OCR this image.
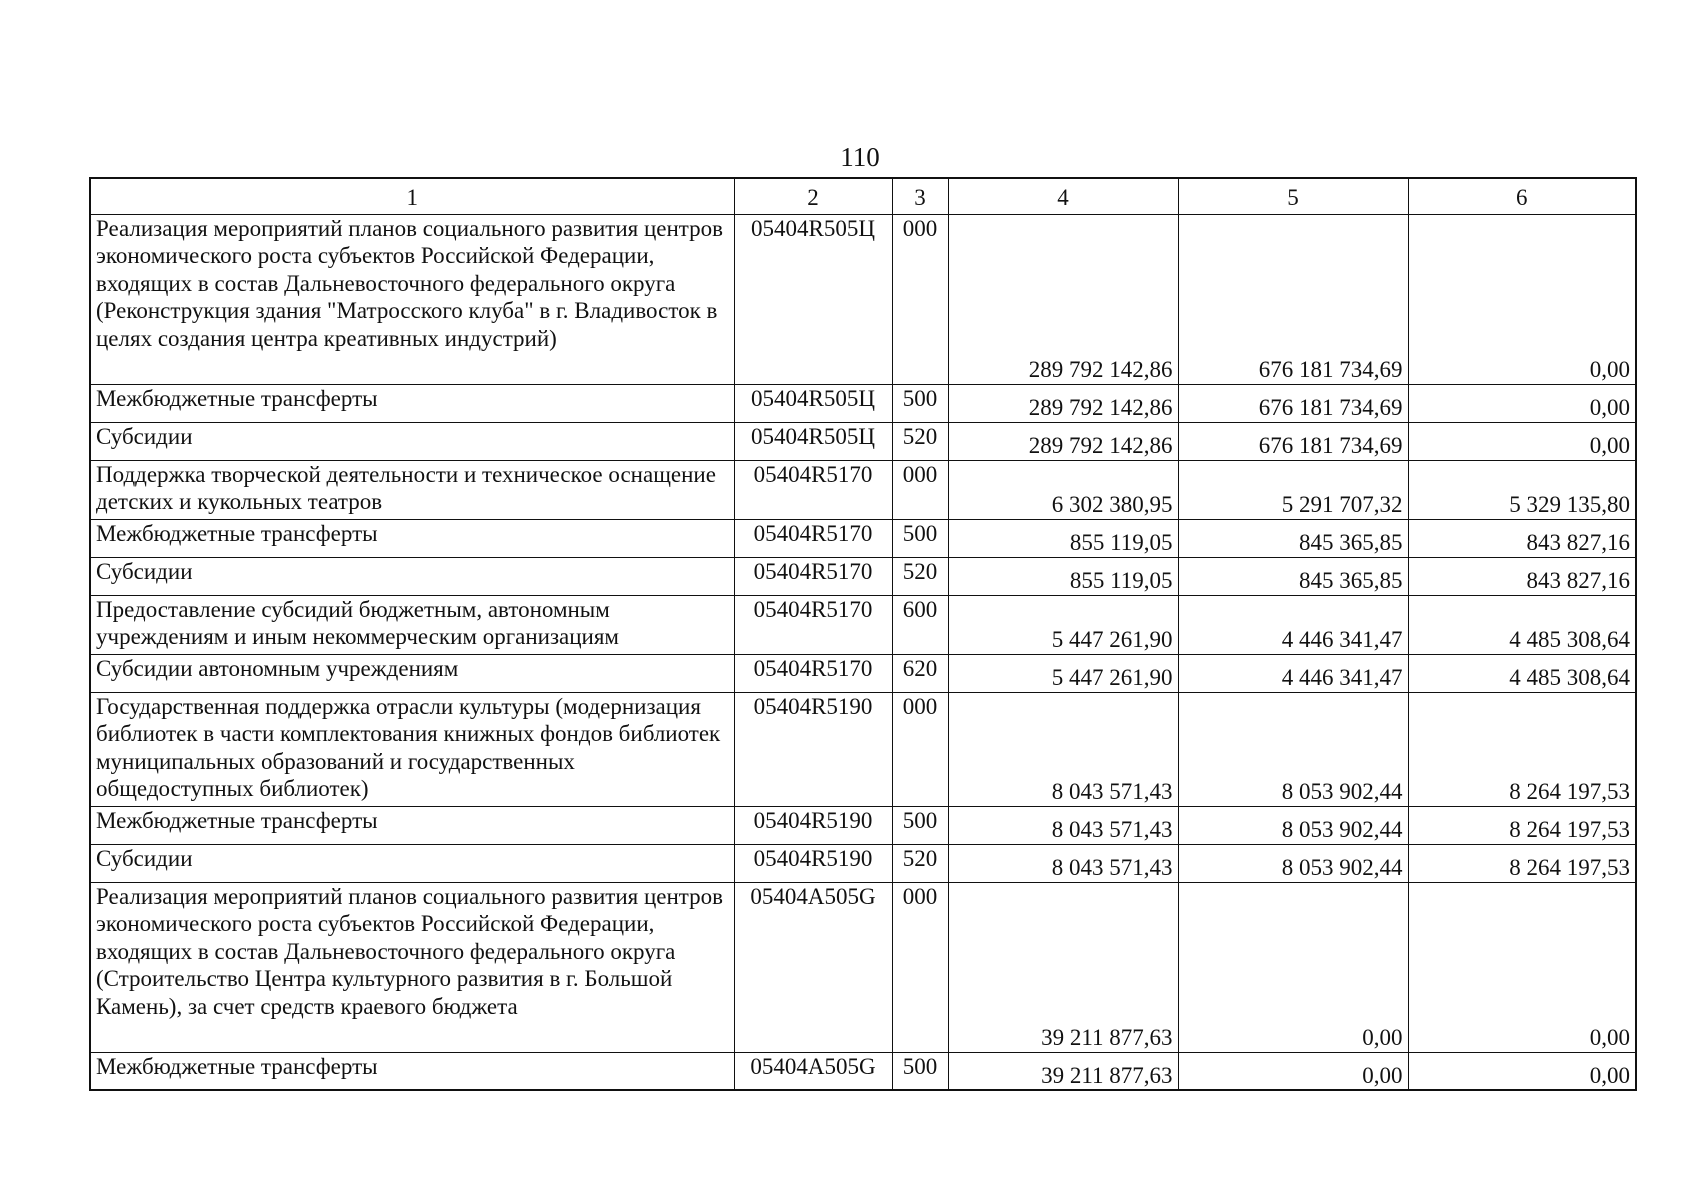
110
1	2	3	4	5	6
Реализация мероприятий планов социального развития центров экономического роста субъектов Российской Федерации, входящих в состав Дальневосточного федерального округа (Реконструкция здания "Матросского клуба" в г. Владивосток в целях создания центра креативных индустрий)	05404R505Ц	000	289 792 142,86	676 181 734,69	0,00
Межбюджетные трансферты	05404R505Ц	500	289 792 142,86	676 181 734,69	0,00
Субсидии	05404R505Ц	520	289 792 142,86	676 181 734,69	0,00
Поддержка творческой деятельности и техническое оснащение детских и кукольных театров	05404R5170	000	6 302 380,95	5 291 707,32	5 329 135,80
Межбюджетные трансферты	05404R5170	500	855 119,05	845 365,85	843 827,16
Субсидии	05404R5170	520	855 119,05	845 365,85	843 827,16
Предоставление субсидий бюджетным, автономным учреждениям и иным некоммерческим организациям	05404R5170	600	5 447 261,90	4 446 341,47	4 485 308,64
Субсидии автономным учреждениям	05404R5170	620	5 447 261,90	4 446 341,47	4 485 308,64
Государственная поддержка отрасли культуры (модернизация библиотек в части комплектования книжных фондов библиотек муниципальных образований и государственных общедоступных библиотек)	05404R5190	000	8 043 571,43	8 053 902,44	8 264 197,53
Межбюджетные трансферты	05404R5190	500	8 043 571,43	8 053 902,44	8 264 197,53
Субсидии	05404R5190	520	8 043 571,43	8 053 902,44	8 264 197,53
Реализация мероприятий планов социального развития центров экономического роста субъектов Российской Федерации, входящих в состав Дальневосточного федерального округа (Строительство Центра культурного развития в г. Большой Камень), за счет средств краевого бюджета	05404A505G	000	39 211 877,63	0,00	0,00
Межбюджетные трансферты	05404A505G	500	39 211 877,63	0,00	0,00
